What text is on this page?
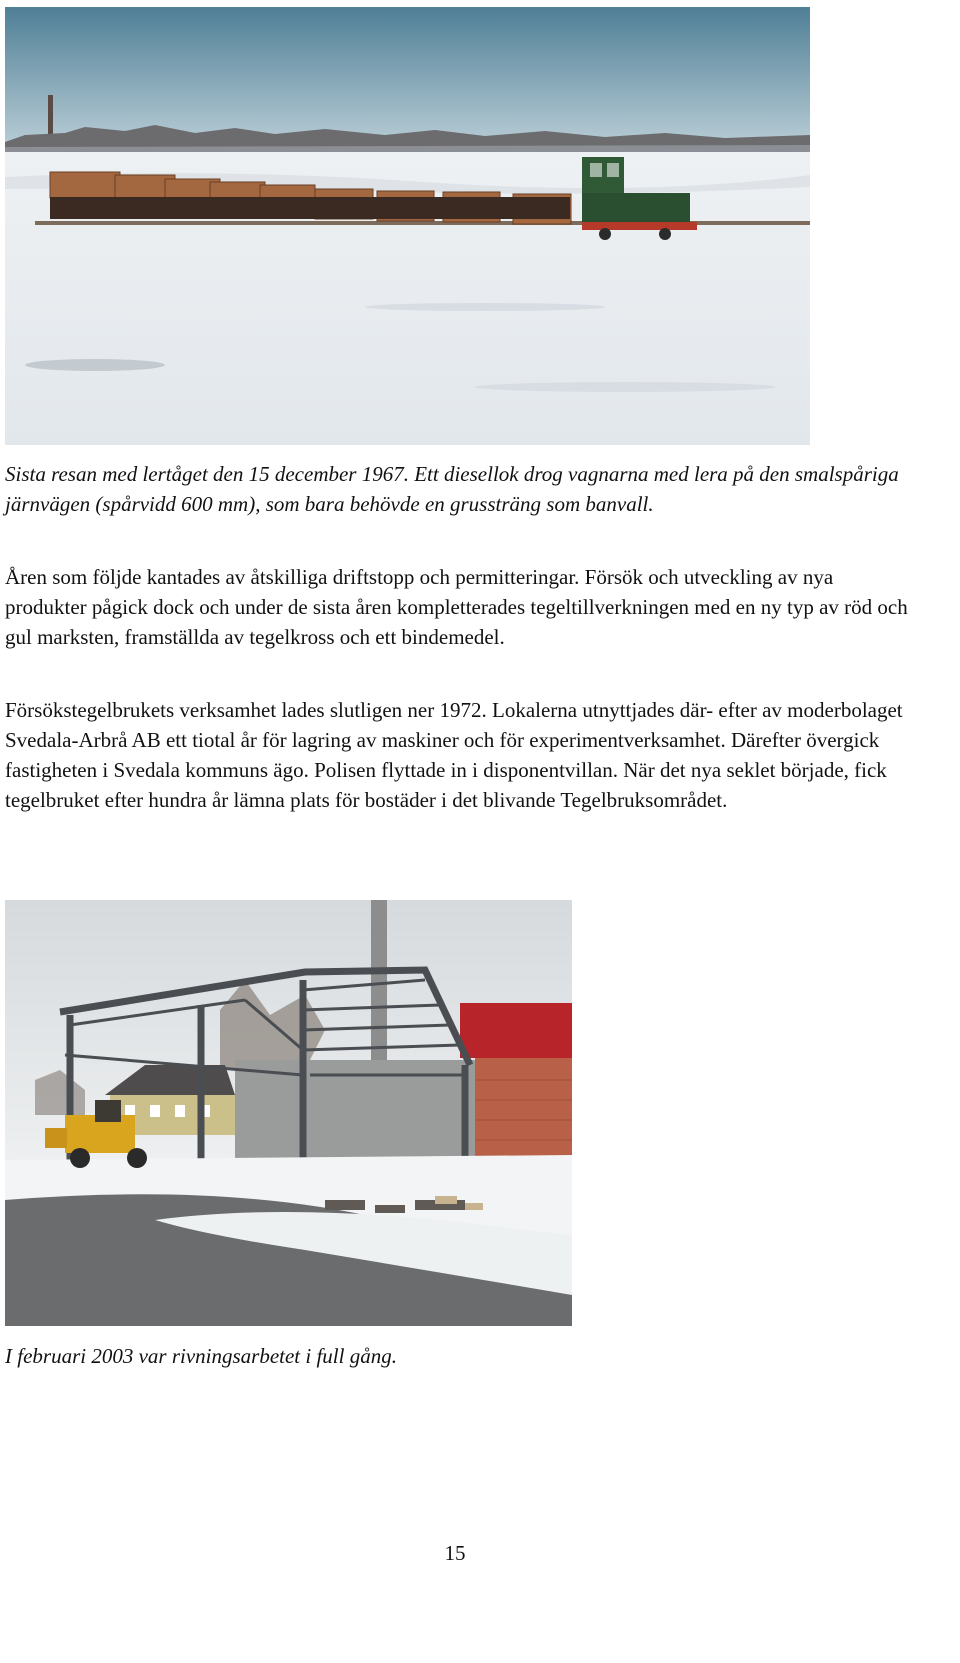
Sista resan med lertåget den 15 december 1967. Ett diesellok drog vagnarna med lera på den smalspåriga järnvägen (spårvidd 600 mm), som bara behövde en grussträng som banvall.

Åren som följde kantades av åtskilliga driftstopp och permitteringar. Försök och utveckling av nya produkter pågick dock och under de sista åren kompletterades tegeltillverkningen med en ny typ av röd och gul marksten, framställda av tegelkross och ett bindemedel.

Försökstegelbrukets verksamhet lades slutligen ner 1972. Lokalerna utnyttjades där- efter av moderbolaget Svedala-Arbrå AB ett tiotal år för lagring av maskiner och för experimentverksamhet. Därefter övergick fastigheten i Svedala kommuns ägo. Polisen flyttade in i disponentvillan. När det nya seklet började, fick tegelbruket efter hundra år lämna plats för bostäder i det blivande Tegelbruksområdet.

I februari 2003 var rivningsarbetet i full gång.

15
